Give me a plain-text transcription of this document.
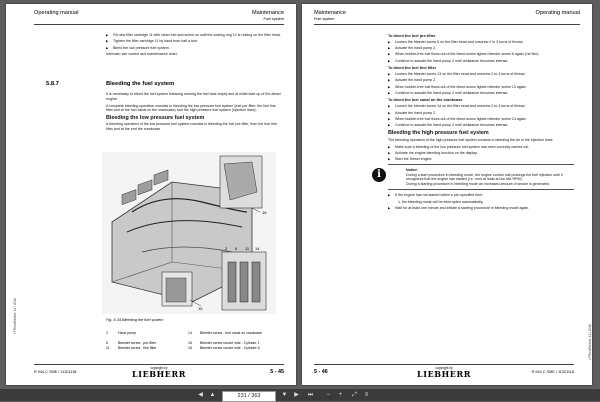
Operating manual	Maintenance
Fuel system
▶ Fill new filter cartridge 11 with clean fuel and screw on until the sealing ring 12 is resting on the filter head.
▶ Tighten the filter cartridge 11 by hand from half a turn.
▶ Bleed the low pressure fuel system.
Intervals: see control and maintenance chart.
5.8.7	Bleeding the fuel system
It is necessary to bleed the fuel system following running the fuel tank empty and at initial start up of the diesel engine.
A complete bleeding operation consists in bleeding the low pressure fuel system (fuel pre-filter, the fuel fine filter and at the fuel canal on the crankcase) and the high pressure fuel system (injection lines).
Bleeding the low pressure fuel system
A bleeding operation of the low pressure fuel system consists in bleeding the fuel pre-filter, then the fuel fine filter and at the end the crankcase
16
2 6 11 14
15
Fig. 5-34 Bleeding the fuel system
2	Hand pump	14 Bleeder screw - fuel canal on crankcase
6	Bleeder screw - pre-filter	15 Bleeder screw nozzle side - Cylinder 1
11 Bleeder screw - fine filter	16 Bleeder screw nozzle side - Cylinder 6
LFR/en/Edition: 11 / 2016
R 944 C SME / 11321118
copyright by
LIEBHERR	5 - 45
Maintenance	Operating manual
Fuel system
To bleed the fuel pre-filter
▶ Loosen the bleeder screw 6 on the filter head and unscrew 2 to 3 turns of thread.
▶ Actuate the hand pump 2.
▶ When bubble-free fuel flows out of the bleed screw tighten bleeder screw 6 again (1st Nm).
▶ Continue to actuate the hand pump 2 until resistance becomes intense.
To bleed the fuel fine filter
▶ Loosen the bleeder screw 13 on the filter head and unscrew 2 to 3 turns of thread.
▶ Actuate the hand pump 2.
▶ When bubble-free fuel flows out of the bleed screw tighten bleeder screw 13 again.
▶ Continue to actuate the hand pump 2 until resistance becomes intense.
To bleed the fuel canal on the crankcase
▶ Loosen the bleeder screw 14 on the filter head and unscrew 2 to 3 turns of thread.
▶ Actuate the hand pump 2.
▶ When bubble-free fuel flows out of the bleed screw tighten bleeder screw 14 again.
▶ Continue to actuate the hand pump 2 until resistance becomes intense.
Bleeding the high pressure fuel system
The bleeding operation of the high pressure fuel system consists in bleeding the air in the injection lines.
▶ Make sure a bleeding of the low pressure fuel system has been correctly carried out.
▶ Activate the engine bleeding function on the display.
▶ Start the Diesel engine.
i	Notice
During a start procedure in bleeding mode, the engine control unit prolongs the fuel injection until it recognizes that the engine has started (i.e. runs at least at low idle RPM).
During a starting procedure in bleeding mode an increased amount of smoke is generated.
▶ If the engine has not started within a pre-specified time:
↳ the bleeding mode will be interrupted automatically.
▶ Wait for at least one minute and initiate a starting procedure in bleeding mode again.
LFR/en/Edition: 11 / 2016
5 - 46
copyright by
LIEBHERR	R 944 C SME / 11321118
◀	▲	231 / 363	▼	▶	⏭	−	+	⤢	≡
